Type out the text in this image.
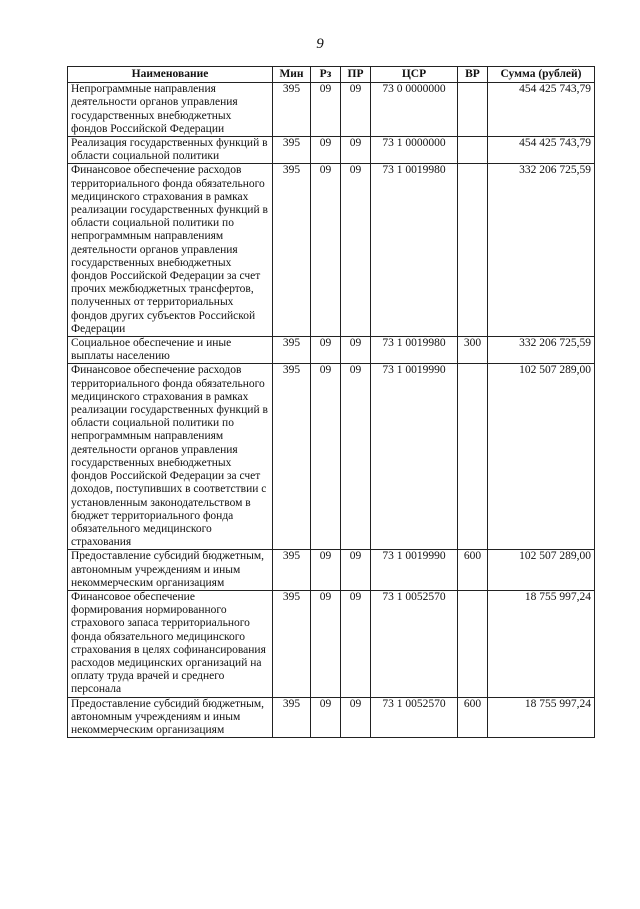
9
Наименование	Мин	Рз	ПР	ЦСР	ВР	Сумма (рублей)
Непрограммные направления деятельности органов управления государственных внебюджетных фондов Российской Федерации	395	09	09	73 0 0000000		454 425 743,79
Реализация государственных функций в области социальной политики	395	09	09	73 1 0000000		454 425 743,79
Финансовое обеспечение расходов территориального фонда обязательного медицинского страхования в рамках реализации государственных функций в области социальной политики по непрограммным направлениям деятельности органов управления государственных внебюджетных фондов Российской Федерации за счет прочих межбюджетных трансфертов, полученных от территориальных фондов других субъектов Российской Федерации	395	09	09	73 1 0019980		332 206 725,59
Социальное обеспечение и иные выплаты населению	395	09	09	73 1 0019980	300	332 206 725,59
Финансовое обеспечение расходов территориального фонда обязательного медицинского страхования в рамках реализации государственных функций в области социальной политики по непрограммным направлениям деятельности органов управления государственных внебюджетных фондов Российской Федерации за счет доходов, поступивших в соответствии с установленным законодательством в бюджет территориального фонда обязательного медицинского страхования	395	09	09	73 1 0019990		102 507 289,00
Предоставление субсидий бюджетным, автономным учреждениям и иным некоммерческим организациям	395	09	09	73 1 0019990	600	102 507 289,00
Финансовое обеспечение формирования нормированного страхового запаса территориального фонда обязательного медицинского страхования в целях софинансирования расходов медицинских организаций на оплату труда врачей и среднего персонала	395	09	09	73 1 0052570		18 755 997,24
Предоставление субсидий бюджетным, автономным учреждениям и иным некоммерческим организациям	395	09	09	73 1 0052570	600	18 755 997,24
